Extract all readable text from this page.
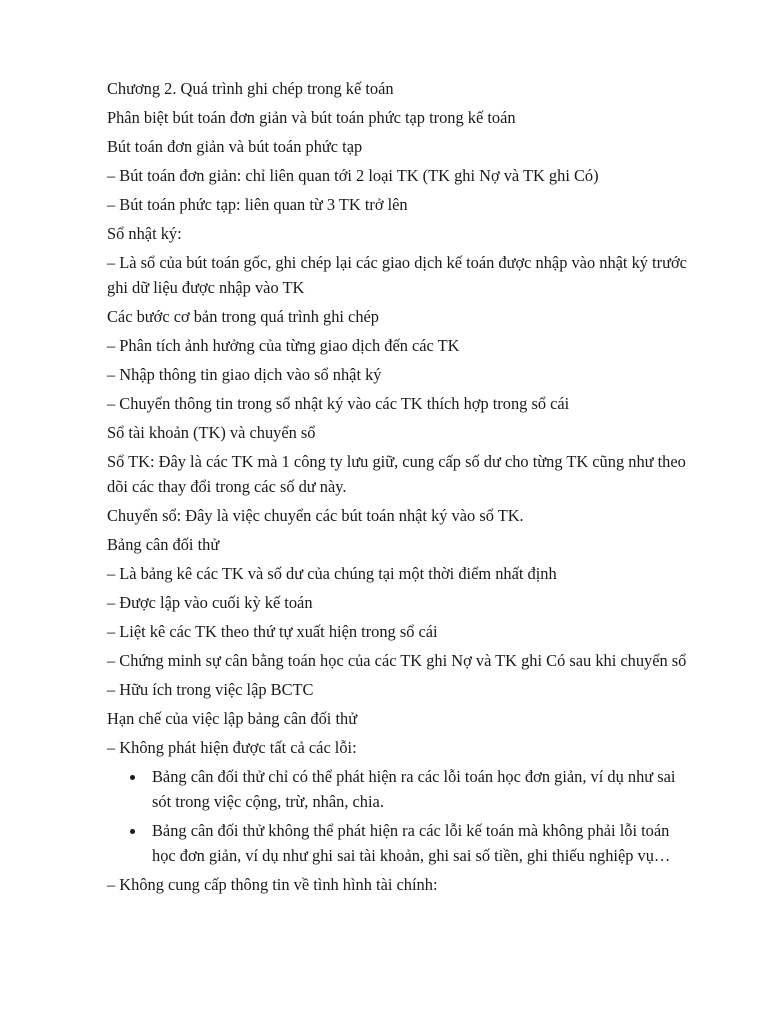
Chương 2. Quá trình ghi chép trong kế toán

Phân biệt bút toán đơn giản và bút toán phức tạp trong kế toán

Bút toán đơn giản và bút toán phức tạp

– Bút toán đơn giản: chỉ liên quan tới 2 loại TK (TK ghi Nợ và TK ghi Có)

– Bút toán phức tạp: liên quan từ 3 TK trở lên

Sổ nhật ký:

– Là sổ của bút toán gốc, ghi chép lại các giao dịch kế toán được nhập vào nhật ký trước ghi dữ liệu được nhập vào TK

Các bước cơ bản trong quá trình ghi chép

– Phân tích ảnh hưởng của từng giao dịch đến các TK

– Nhập thông tin giao dịch vào sổ nhật ký

– Chuyển thông tin trong sổ nhật ký vào các TK thích hợp trong sổ cái

Sổ tài khoản (TK) và chuyển sổ

Sổ TK: Đây là các TK mà 1 công ty lưu giữ, cung cấp số dư cho từng TK cũng như theo dõi các thay đổi trong các số dư này.

Chuyển sổ: Đây là việc chuyển các bút toán nhật ký vào sổ TK.

Bảng cân đối thử

– Là bảng kê các TK và số dư của chúng tại một thời điểm nhất định

– Được lập vào cuối kỳ kế toán

– Liệt kê các TK theo thứ tự xuất hiện trong sổ cái

– Chứng minh sự cân bằng toán học của các TK ghi Nợ và TK ghi Có sau khi chuyển sổ

– Hữu ích trong việc lập BCTC

Hạn chế của việc lập bảng cân đối thử

– Không phát hiện được tất cả các lỗi:

Bảng cân đối thử chỉ có thể phát hiện ra các lỗi toán học đơn giản, ví dụ như sai sót trong việc cộng, trừ, nhân, chia.
Bảng cân đối thử không thể phát hiện ra các lỗi kế toán mà không phải lỗi toán học đơn giản, ví dụ như ghi sai tài khoản, ghi sai số tiền, ghi thiếu nghiệp vụ…

– Không cung cấp thông tin về tình hình tài chính:
